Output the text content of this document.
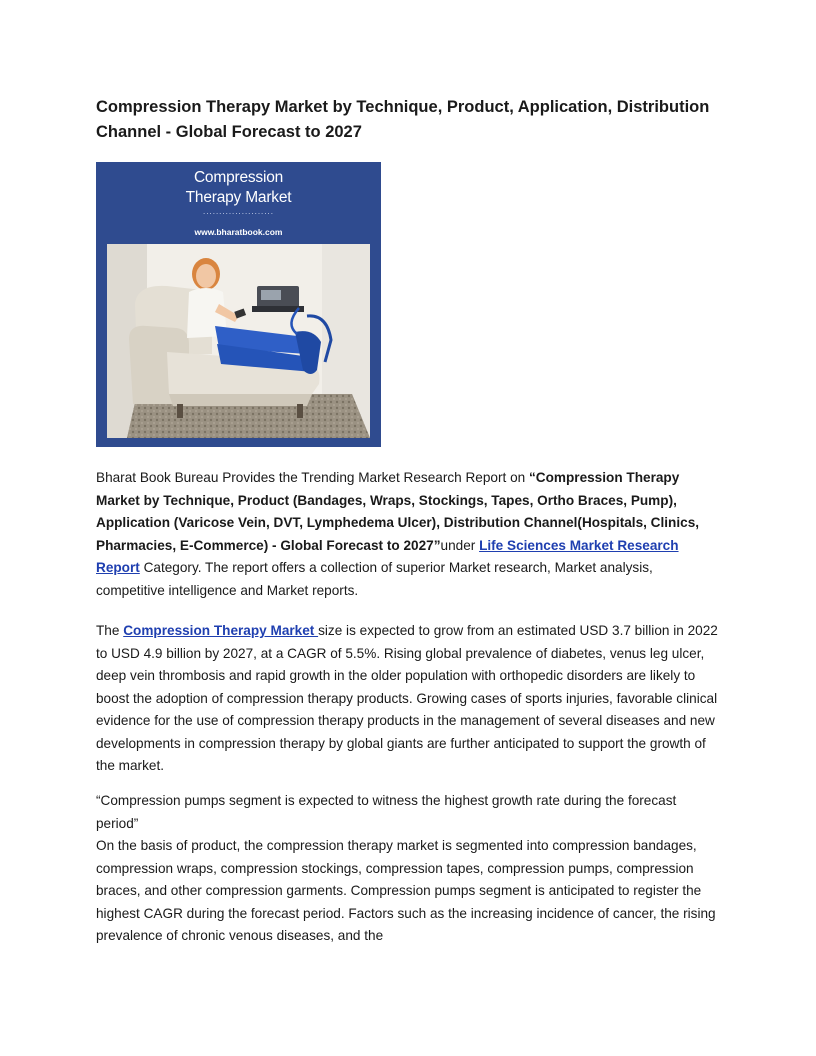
Compression Therapy Market by Technique, Product, Application, Distribution Channel - Global Forecast to 2027
Compression
Therapy Market
......................
www.bharatbook.com

Bharat Book Bureau Provides the Trending Market Research Report on “Compression Therapy Market by Technique, Product (Bandages, Wraps, Stockings, Tapes, Ortho Braces, Pump), Application (Varicose Vein, DVT, Lymphedema Ulcer), Distribution Channel(Hospitals, Clinics, Pharmacies, E-Commerce) - Global Forecast to 2027”under Life Sciences Market Research Report Category. The report offers a collection of superior Market research, Market analysis, competitive intelligence and Market reports.

The Compression Therapy Market size is expected to grow from an estimated USD 3.7 billion in 2022 to USD 4.9 billion by 2027, at a CAGR of 5.5%. Rising global prevalence of diabetes, venus leg ulcer, deep vein thrombosis and rapid growth in the older population with orthopedic disorders are likely to boost the adoption of compression therapy products. Growing cases of sports injuries, favorable clinical evidence for the use of compression therapy products in the management of several diseases and new developments in compression therapy by global giants are further anticipated to support the growth of the market.

“Compression pumps segment is expected to witness the highest growth rate during the forecast period”
On the basis of product, the compression therapy market is segmented into compression bandages, compression wraps, compression stockings, compression tapes, compression pumps, compression braces, and other compression garments. Compression pumps segment is anticipated to register the highest CAGR during the forecast period. Factors such as the increasing incidence of cancer, the rising prevalence of chronic venous diseases, and the
